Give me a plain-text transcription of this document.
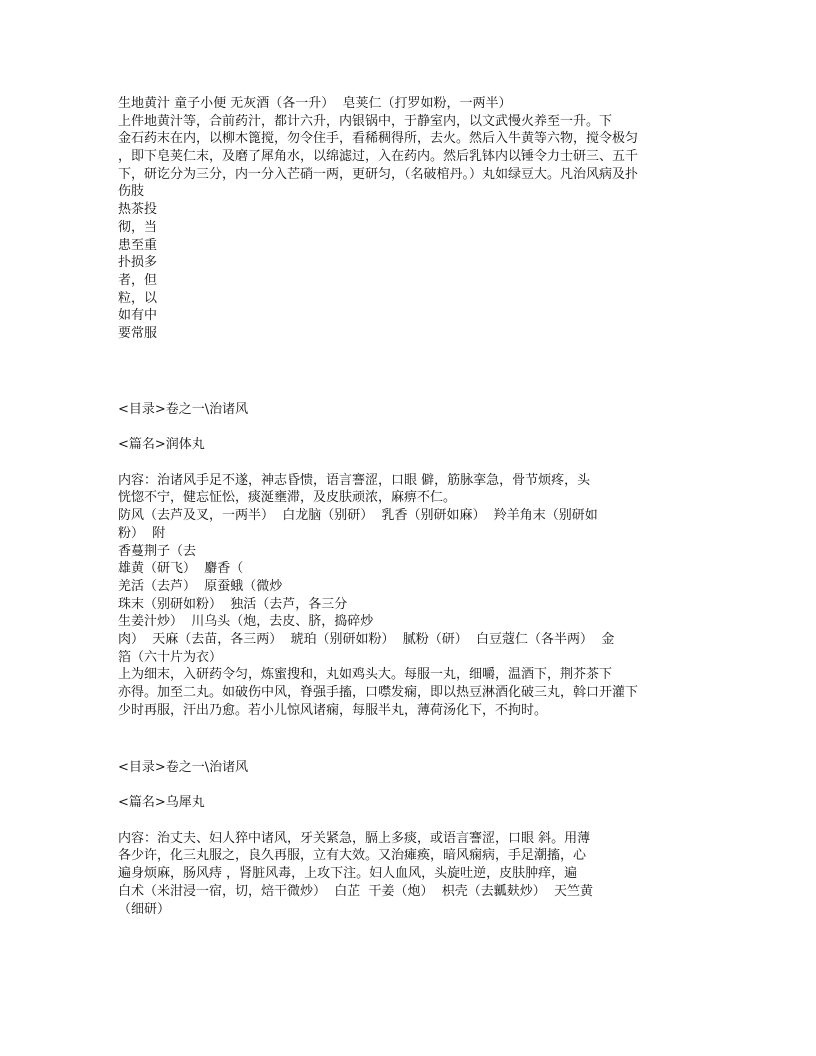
生地黄汁 童子小便 无灰酒（各一升）  皂荚仁（打罗如粉，一两半）
上件地黄汁等，合前药汁，都计六升，内银锅中，于静室内，以文武慢火养至一升。下
金石药末在内，以柳木篦搅，勿令住手，看稀稠得所，去火。然后入牛黄等六物，搅令极匀
，即下皂荚仁末，及磨了犀角水，以绵滤过，入在药内。然后乳钵内以锤令力士研三、五千
下，研讫分为三分，内一分入芒硝一两，更研匀，（名破棺丹。）丸如绿豆大。凡治风病及扑
伤肢
热茶投
彻，当
患至重
扑损多
者，但
粒，以
如有中
要常服
<目录>卷之一\治诸风
<篇名>润体丸
内容：治诸风手足不遂，神志昏愦，语言謇涩，口眼 僻，筋脉挛急，骨节烦疼，头
恍惚不宁，健忘怔忪，痰涎壅滞，及皮肤顽浓，麻痹不仁。
防风（去芦及叉，一两半）  白龙脑（别研）  乳香（别研如麻）  羚羊角末（别研如
粉）  附
香蔓荆子（去
雄黄（研飞）  麝香（
羌活（去芦）  原蚕蛾（微炒
珠末（别研如粉）  独活（去芦，各三分
生姜汁炒）  川乌头（炮，去皮、脐，捣碎炒
肉）  天麻（去苗，各三两）  琥珀（别研如粉）  腻粉（研）  白豆蔻仁（各半两）  金
箔（六十片为衣）
上为细末，入研药令匀，炼蜜搜和，丸如鸡头大。每服一丸，细嚼，温酒下，荆芥茶下
亦得。加至二丸。如破伤中风，脊强手搐，口噤发痫，即以热豆淋酒化破三丸，斡口开灌下
少时再服，汗出乃愈。若小儿惊风诸痫，每服半丸，薄荷汤化下，不拘时。
<目录>卷之一\治诸风
<篇名>乌犀丸
内容：治丈夫、妇人猝中诸风，牙关紧急，膈上多痰，或语言謇涩，口眼 斜。用薄
各少许，化三丸服之，良久再服，立有大效。又治瘫痪，暗风痫病，手足潮搐，心
遍身烦麻，肠风痔 ，肾脏风毒，上攻下注。妇人血风，头旋吐逆，皮肤肿痒，遍
白术（米泔浸一宿，切，焙干微炒）  白芷  干姜（炮）  枳壳（去瓤麸炒）  天竺黄
（细研）
